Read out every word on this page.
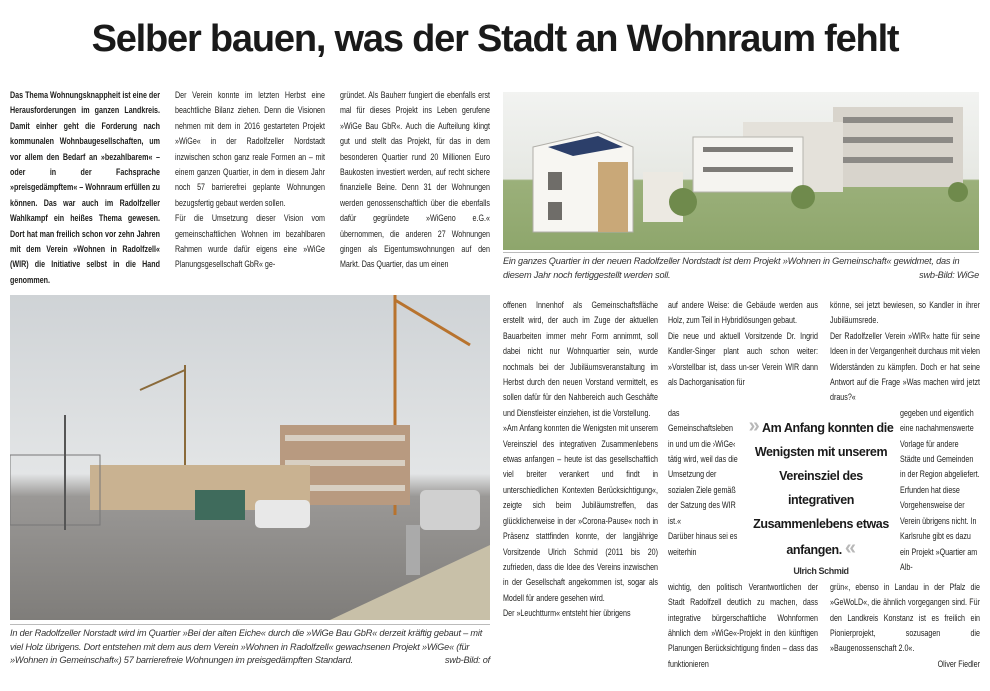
Selber bauen, was der Stadt an Wohnraum fehlt

Das Thema Wohnungsknappheit ist eine der Herausforderungen im ganzen Landkreis. Damit einher geht die Forderung nach kommunalen Wohnbaugesellschaften, um vor allem den Bedarf an »bezahlbarem« – oder in der Fachsprache »preisgedämpftem« – Wohnraum erfüllen zu können. Das war auch im Radolfzeller Wahlkampf ein heißes Thema gewesen. Dort hat man freilich schon vor zehn Jahren mit dem Verein »Wohnen in Radolfzell« (WIR) die Initiative selbst in die Hand genommen.

Der Verein konnte im letzten Herbst eine beachtliche Bilanz ziehen. Denn die Visionen nehmen mit dem in 2016 gestarteten Projekt »WiGe« in der Radolfzeller Nordstadt inzwischen schon ganz reale Formen an – mit einem ganzen Quartier, in dem in diesem Jahr noch 57 barrierefrei geplante Wohnungen bezugsfertig gebaut werden sollen.

Für die Umsetzung dieser Vision vom gemeinschaftlichen Wohnen im bezahlbaren Rahmen wurde dafür eigens eine »WiGe Planungsgesellschaft GbR« ge-

gründet. Als Bauherr fungiert die ebenfalls erst mal für dieses Projekt ins Leben gerufene »WiGe Bau GbR«. Auch die Aufteilung klingt gut und stellt das Projekt, für das in dem besonderen Quartier rund 20 Millionen Euro Baukosten investiert werden, auf recht sichere finanzielle Beine. Denn 31 der Wohnungen werden genossenschaftlich über die ebenfalls dafür gegründete »WiGeno e.G.« übernommen, die anderen 27 Wohnungen gingen als Eigentumswohnungen auf den Markt. Das Quartier, das um einen	Ein ganzes Quartier in der neuen Radolfzeller Nordstadt ist dem Projekt »Wohnen in Gemeinschaft« gewidmet, das in diesem Jahr noch fertiggestellt werden soll.	swb-Bild: WiGe
In der Radolfzeller Norstadt wird im Quartier »Bei der alten Eiche« durch die »WiGe Bau GbR« derzeit kräftig gebaut – mit viel Holz übrigens. Dort entstehen mit dem aus dem Verein »Wohnen in Radolfzell« gewachsenen Projekt »WiGe« (für »Wohnen in Gemeinschaft«) 57 barrierefreie Wohnungen im preisgedämpften Standard.	swb-Bild: of

offenen Innenhof als Gemeinschaftsfläche erstellt wird, der auch im Zuge der aktuellen Bauarbeiten immer mehr Form annimmt, soll dabei nicht nur Wohnquartier sein, wurde nochmals bei der Jubiläumsveranstaltung im Herbst durch den neuen Vorstand vermittelt, es sollen dafür für den Nahbereich auch Geschäfte und Dienstleister einziehen, ist die Vorstellung.

»Am Anfang konnten die Wenigsten mit unserem Vereinsziel des integrativen Zusammenlebens etwas anfangen – heute ist das gesellschaftlich viel breiter verankert und findt in unterschiedlichen Kontexten Berücksichtigung«, zeigte sich beim Jubiläumstreffen, das glücklicherweise in der »Corona-Pause« noch in Präsenz stattfinden konnte, der langjährige Vorsitzende Ulrich Schmid (2011 bis 20) zufrieden, dass die Idee des Vereins inzwischen in der Gesellschaft angekommen ist, sogar als Modell für andere gesehen wird.

Der »Leuchtturm« entsteht hier übrigens

auf andere Weise: die Gebäude werden aus Holz, zum Teil in Hybridlösungen gebaut.

Die neue und aktuell Vorsitzende Dr. Ingrid Kandler-Singer plant auch schon weiter: »Vorstellbar ist, dass un-ser Verein WIR dann als Dachorganisation für

könne, sei jetzt bewiesen, so Kandler in ihrer Jubiläumsrede.

Der Radolfzeller Verein »WIR« hatte für seine Ideen in der Vergangenheit durchaus mit vielen Widerständen zu kämpfen. Doch er hat seine Antwort auf die Frage »Was machen wird jetzt draus?«

das Gemeinschaftsleben in und um die ›WiGe‹ tätig wird, weil das die Umsetzung der sozialen Ziele gemäß der Satzung des WIR ist.«

Darüber hinaus sei es weiterhin

» Am Anfang konnten die Wenigsten mit unserem Vereinsziel des integrativen Zusammenlebens etwas anfangen. «
Ulrich Schmid

gegeben und eigentlich eine nachahmenswerte Vorlage für andere Städte und Gemeinden in der Region abgeliefert.

Erfunden hat diese Vorgehensweise der Verein übrigens nicht. In Karlsruhe gibt es dazu ein Projekt »Quartier am Alb-

wichtig, den politisch Verantwortlichen der Stadt Radolfzell deutlich zu machen, dass integrative bürgerschaftliche Wohnformen ähnlich dem »WiGe«-Projekt in den künftigen Planungen Berücksichtigung finden – dass das funktionieren

grün«, ebenso in Landau in der Pfalz die »GeWoLD«, die ähnlich vorgegangen sind. Für den Landkreis Konstanz ist es freilich ein Pionierprojekt, sozusagen die »Baugenossenschaft 2.0«.

Oliver Fiedler
